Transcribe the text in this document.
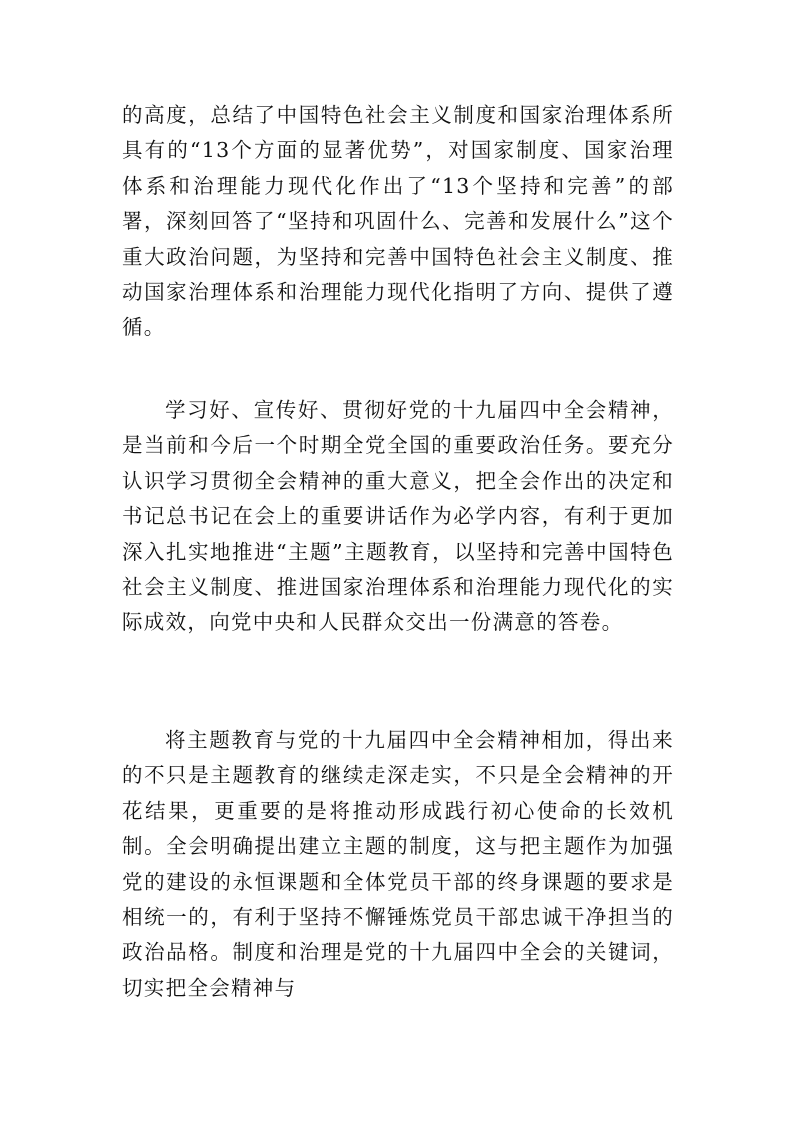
的高度，总结了中国特色社会主义制度和国家治理体系所具有的“13个方面的显著优势”，对国家制度、国家治理体系和治理能力现代化作出了“13个坚持和完善”的部署，深刻回答了“坚持和巩固什么、完善和发展什么”这个重大政治问题，为坚持和完善中国特色社会主义制度、推动国家治理体系和治理能力现代化指明了方向、提供了遵循。

学习好、宣传好、贯彻好党的十九届四中全会精神，是当前和今后一个时期全党全国的重要政治任务。要充分认识学习贯彻全会精神的重大意义，把全会作出的决定和书记总书记在会上的重要讲话作为必学内容，有利于更加深入扎实地推进“主题”主题教育，以坚持和完善中国特色社会主义制度、推进国家治理体系和治理能力现代化的实际成效，向党中央和人民群众交出一份满意的答卷。

将主题教育与党的十九届四中全会精神相加，得出来的不只是主题教育的继续走深走实，不只是全会精神的开花结果，更重要的是将推动形成践行初心使命的长效机制。全会明确提出建立主题的制度，这与把主题作为加强党的建设的永恒课题和全体党员干部的终身课题的要求是相统一的，有利于坚持不懈锤炼党员干部忠诚干净担当的政治品格。制度和治理是党的十九届四中全会的关键词，切实把全会精神与
